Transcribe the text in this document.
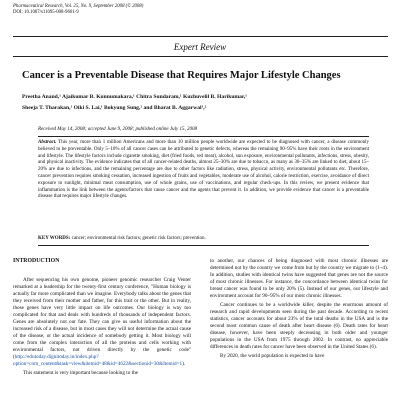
Pharmaceutical Research, Vol. 25, No. 9, September 2008 (© 2008)
DOI: 10.1007/s11095-008-9661-9
Expert Review
Cancer is a Preventable Disease that Requires Major Lifestyle Changes
Preetha Anand,¹ Ajaikumar B. Kunnumakara,¹ Chitra Sundaram,¹ Kuzhuvelil B. Harikumar,¹
Sheeja T. Tharakan,¹ Oiki S. Lai,¹ Bokyung Sung,¹ and Bharat B. Aggarwal¹,²
Received May 14, 2008; accepted June 9, 2008; published online July 15, 2008
Abstract. This year, more than 1 million Americans and more than 10 million people worldwide are expected to be diagnosed with cancer, a disease commonly believed to be preventable. Only 5–10% of all cancer cases can be attributed to genetic defects, whereas the remaining 90–95% have their roots in the environment and lifestyle. The lifestyle factors include cigarette smoking, diet (fried foods, red meat), alcohol, sun exposure, environmental pollutants, infections, stress, obesity, and physical inactivity. The evidence indicates that of all cancer-related deaths, almost 25–30% are due to tobacco, as many as 30–35% are linked to diet, about 15–20% are due to infections, and the remaining percentage are due to other factors like radiation, stress, physical activity, environmental pollutants etc. Therefore, cancer prevention requires smoking cessation, increased ingestion of fruits and vegetables, moderate use of alcohol, calorie restriction, exercise, avoidance of direct exposure to sunlight, minimal meat consumption, use of whole grains, use of vaccinations, and regular check-ups. In this review, we present evidence that inflammation is the link between the agents/factors that cause cancer and the agents that prevent it. In addition, we provide evidence that cancer is a preventable disease that requires major lifestyle changes.
KEY WORDS: cancer; environmental risk factors; genetic risk factors; prevention.
INTRODUCTION

After sequencing his own genome, pioneer genomic researcher Craig Venter remarked at a leadership for the twenty-first century conference, "Human biology is actually far more complicated than we imagine. Everybody talks about the genes that they received from their mother and father, for this trait or the other. But in reality, those genes have very little impact on life outcomes. Our biology is way too complicated for that and deals with hundreds of thousands of independent factors. Genes are absolutely not our fate. They can give us useful information about the increased risk of a disease, but in most cases they will not determine the actual cause of the disease, or the actual incidence of somebody getting it. Most biology will come from the complex interaction of all the proteins and cells working with environmental factors, not driven directly by the genetic code" (http://edutoday.dignitoday.in/index.php?option=com_content&task=view&itemid=48&id=4622&sectionid=30&Itemid=1).

This statement is very important because looking to the

to another, our chances of being diagnosed with most chronic illnesses are determined not by the country we come from but by the country we migrate to (1–4). In addition, studies with identical twins have suggested that genes are not the source of most chronic illnesses. For instance, the concordance between identical twins for breast cancer was found to be only 20% (5). Instead of our genes, our lifestyle and environment account for 90–95% of our most chronic illnesses.

Cancer continues to be a worldwide killer, despite the enormous amount of research and rapid developments seen during the past decade. According to recent statistics, cancer accounts for about 23% of the total deaths in the USA and is the second most common cause of death after heart disease (6). Death rates for heart disease, however, have been steeply decreasing in both older and younger populations in the USA from 1975 through 2002. In contrast, no appreciable differences in death rates for cancer have been observed in the United States (6).

By 2020, the world population is expected to have
